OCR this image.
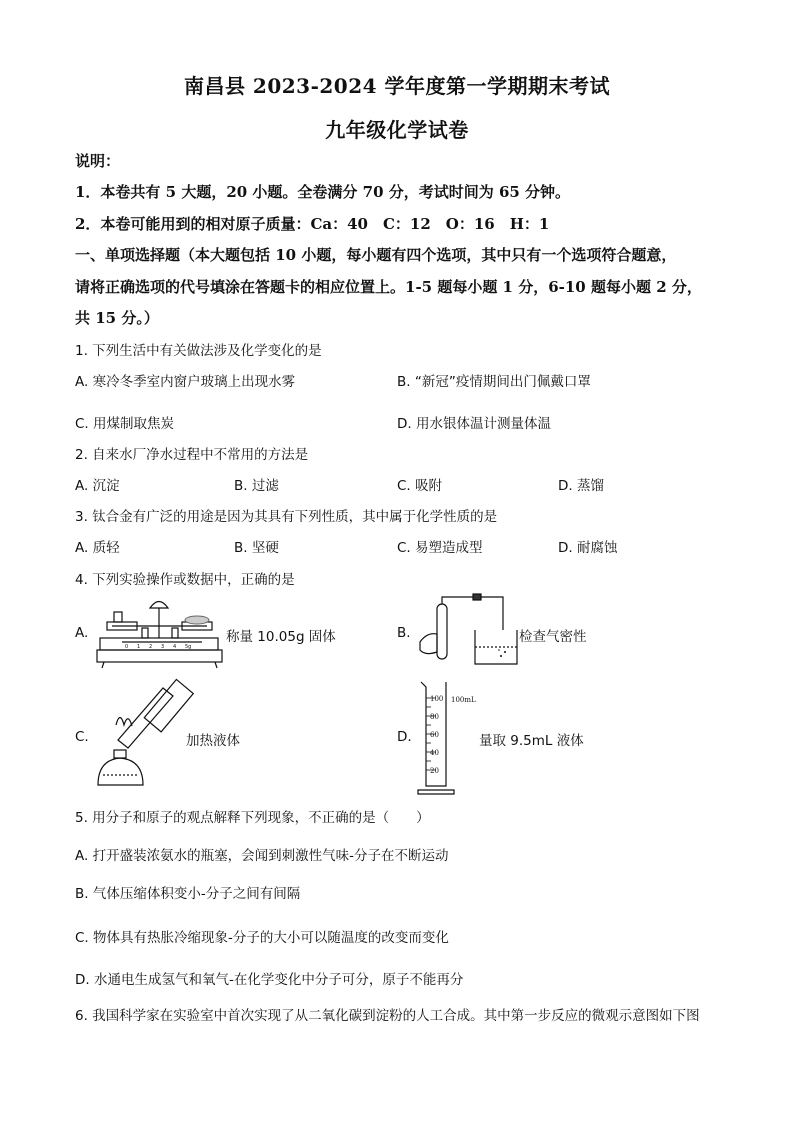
南昌县 2023-2024 学年度第一学期期末考试
九年级化学试卷
说明：
1．本卷共有 5 大题，20 小题。全卷满分 70 分，考试时间为 65 分钟。
2．本卷可能用到的相对原子质量：Ca：40　C：12　O：16　H：1
一、单项选择题（本大题包括 10 小题，每小题有四个选项，其中只有一个选项符合题意，
请将正确选项的代号填涂在答题卡的相应位置上。1-5 题每小题 1 分，6-10 题每小题 2 分，
共 15 分。）
1. 下列生活中有关做法涉及化学变化的是
A. 寒冷冬季室内窗户玻璃上出现水雾	B. “新冠”疫情期间出门佩戴口罩
C. 用煤制取焦炭	D. 用水银体温计测量体温
2. 自来水厂净水过程中不常用的方法是
A. 沉淀	B. 过滤	C. 吸附	D. 蒸馏
3. 钛合金有广泛的用途是因为其具有下列性质，其中属于化学性质的是
A. 质轻	B. 坚硬	C. 易塑造成型	D. 耐腐蚀
4. 下列实验操作或数据中，正确的是
A.
0 1 2 3 4 5g
称量 10.05g 固体	B.	检查气密性
C.	加热液体	D.
100
80
60
40
20
100mL
量取 9.5mL 液体
5. 用分子和原子的观点解释下列现象，不正确的是（　　）
A. 打开盛装浓氨水的瓶塞，会闻到刺激性气味-分子在不断运动
B. 气体压缩体积变小-分子之间有间隔
C. 物体具有热胀冷缩现象-分子的大小可以随温度的改变而变化
D. 水通电生成氢气和氧气-在化学变化中分子可分，原子不能再分
6. 我国科学家在实验室中首次实现了从二氧化碳到淀粉的人工合成。其中第一步反应的微观示意图如下图
